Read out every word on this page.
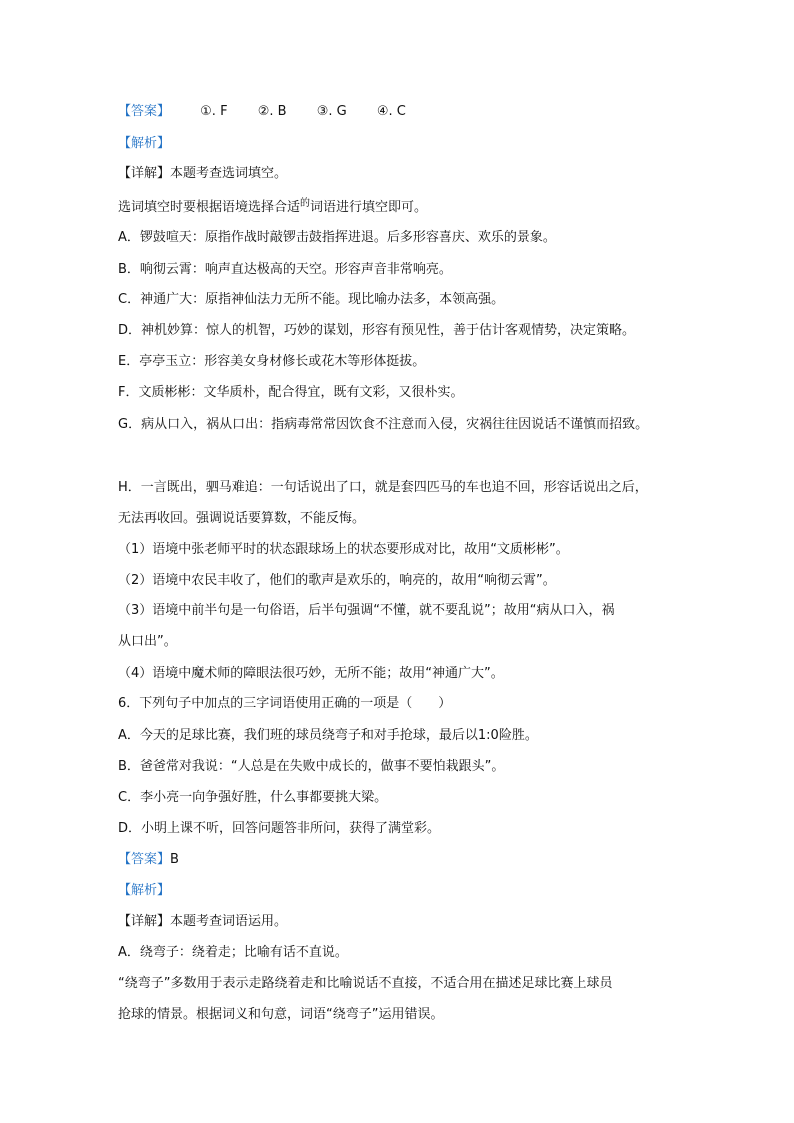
【答案】 ①. F ②. B ③. G ④. C
【解析】
【详解】本题考查选词填空。
选词填空时要根据语境选择合适$^的$词语进行填空即可。
A．锣鼓喧天：原指作战时敲锣击鼓指挥进退。后多形容喜庆、欢乐的景象。
B．响彻云霄：响声直达极高的天空。形容声音非常响亮。
C．神通广大：原指神仙法力无所不能。现比喻办法多，本领高强。
D．神机妙算：惊人的机智，巧妙的谋划，形容有预见性，善于估计客观情势，决定策略。
E．亭亭玉立：形容美女身材修长或花木等形体挺拔。
F．文质彬彬：文华质朴，配合得宜，既有文彩，又很朴实。
G．病从口入，祸从口出：指病毒常常因饮食不注意而入侵，灾祸往往因说话不谨慎而招致。
H．一言既出，驷马难追：一句话说出了口，就是套四匹马的车也追不回，形容话说出之后，
无法再收回。强调说话要算数，不能反悔。
（1）语境中张老师平时的状态跟球场上的状态要形成对比，故用“文质彬彬”。
（2）语境中农民丰收了，他们的歌声是欢乐的，响亮的，故用“响彻云霄”。
（3）语境中前半句是一句俗语，后半句强调“不懂，就不要乱说”；故用“病从口入，祸
从口出”。
（4）语境中魔术师的障眼法很巧妙，无所不能；故用“神通广大”。
6．下列句子中加点的三字词语使用正确的一项是（　　）
A．今天的足球比赛，我们班的球员绕弯子和对手抢球，最后以1:0险胜。
B．爸爸常对我说：“人总是在失败中成长的，做事不要怕栽跟头”。
C．李小亮一向争强好胜，什么事都要挑大梁。
D．小明上课不听，回答问题答非所问，获得了满堂彩。
【答案】B
【解析】
【详解】本题考查词语运用。
A．绕弯子：绕着走；比喻有话不直说。
“绕弯子”多数用于表示走路绕着走和比喻说话不直接，不适合用在描述足球比赛上球员
抢球的情景。根据词义和句意，词语“绕弯子”运用错误。
